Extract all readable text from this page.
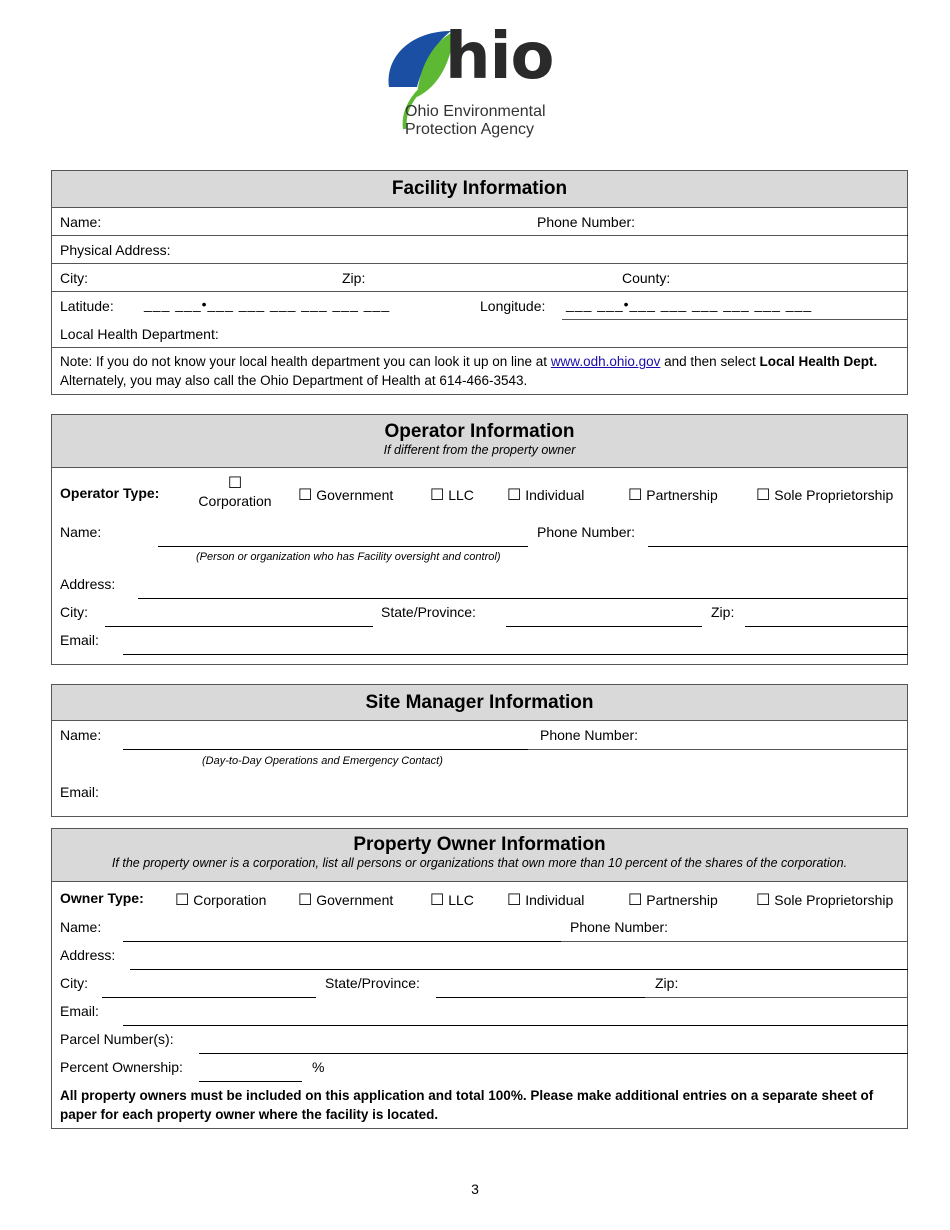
hio
Ohio Environmental
Protection Agency
Facility Information
Name:	Phone Number:
Physical Address:
City:	Zip:	County:
Latitude: ___ ___•___ ___ ___ ___ ___ ___	Longitude: ___ ___•___ ___ ___ ___ ___ ___
Local Health Department:
Note: If you do not know your local health department you can look it up on line at www.odh.ohio.gov and then select Local Health Dept. Alternately, you may also call the Ohio Department of Health at 614-466-3543.
Operator Information
If different from the property owner
Operator Type:
☐
Corporation ☐ Government ☐ LLC ☐ Individual	☐ Partnership ☐ Sole Proprietorship
Name:	Phone Number:
(Person or organization who has Facility oversight and control)
Address:
City:	State/Province:	Zip:
Email:
Site Manager Information
Name:	Phone Number:
(Day-to-Day Operations and Emergency Contact)
Email:
Property Owner Information
If the property owner is a corporation, list all persons or organizations that own more than 10 percent of the shares of the corporation.
Owner Type: ☐ Corporation ☐ Government ☐ LLC ☐ Individual	☐ Partnership ☐ Sole Proprietorship
Name:	Phone Number:
Address:
City:	State/Province:	Zip:
Email:
Parcel Number(s):
Percent Ownership:	%
All property owners must be included on this application and total 100%. Please make additional entries on a separate sheet of paper for each property owner where the facility is located.
3
